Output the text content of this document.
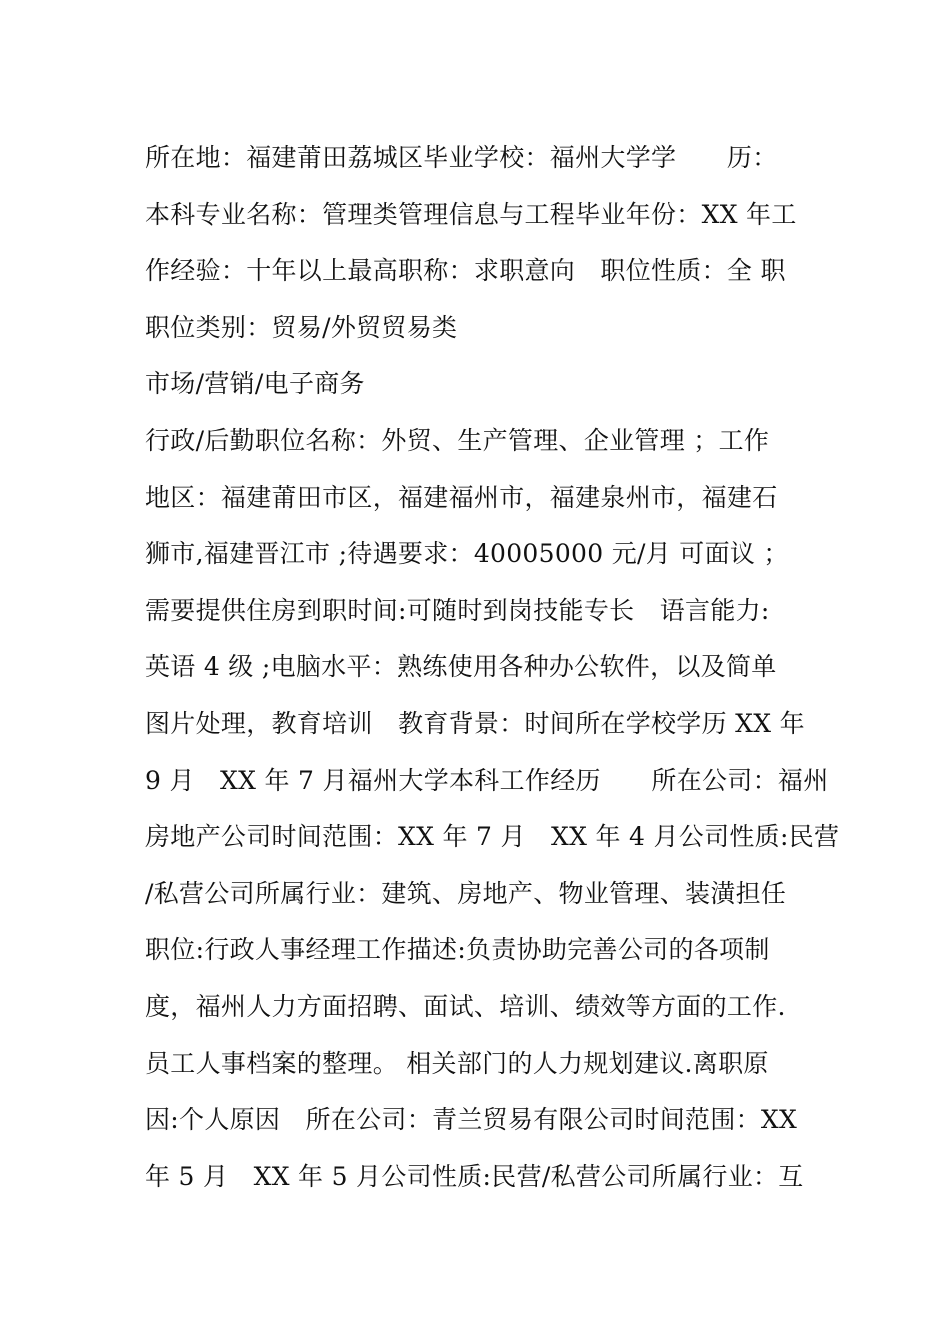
所在地：福建莆田荔城区毕业学校：福州大学学　　历：
本科专业名称：管理类管理信息与工程毕业年份：XX 年工
作经验：十年以上最高职称：求职意向　职位性质：全 职
职位类别：贸易/外贸贸易类
市场/营销/电子商务
行政/后勤职位名称：外贸、生产管理、企业管理 ；工作
地区：福建莆田市区，福建福州市，福建泉州市，福建石
狮市,福建晋江市 ;待遇要求：40005000 元/月 可面议 ；
需要提供住房到职时间:可随时到岗技能专长　语言能力:
英语 4 级 ;电脑水平：熟练使用各种办公软件，以及简单
图片处理，教育培训　教育背景：时间所在学校学历 XX 年
9 月　XX 年 7 月福州大学本科工作经历　　所在公司：福州
房地产公司时间范围：XX 年 7 月　XX 年 4 月公司性质:民营
/私营公司所属行业：建筑、房地产、物业管理、装潢担任
职位:行政人事经理工作描述:负责协助完善公司的各项制
度，福州人力方面招聘、面试、培训、绩效等方面的工作.
员工人事档案的整理。 相关部门的人力规划建议.离职原
因:个人原因　所在公司：青兰贸易有限公司时间范围：XX
年 5 月　XX 年 5 月公司性质:民营/私营公司所属行业：互
